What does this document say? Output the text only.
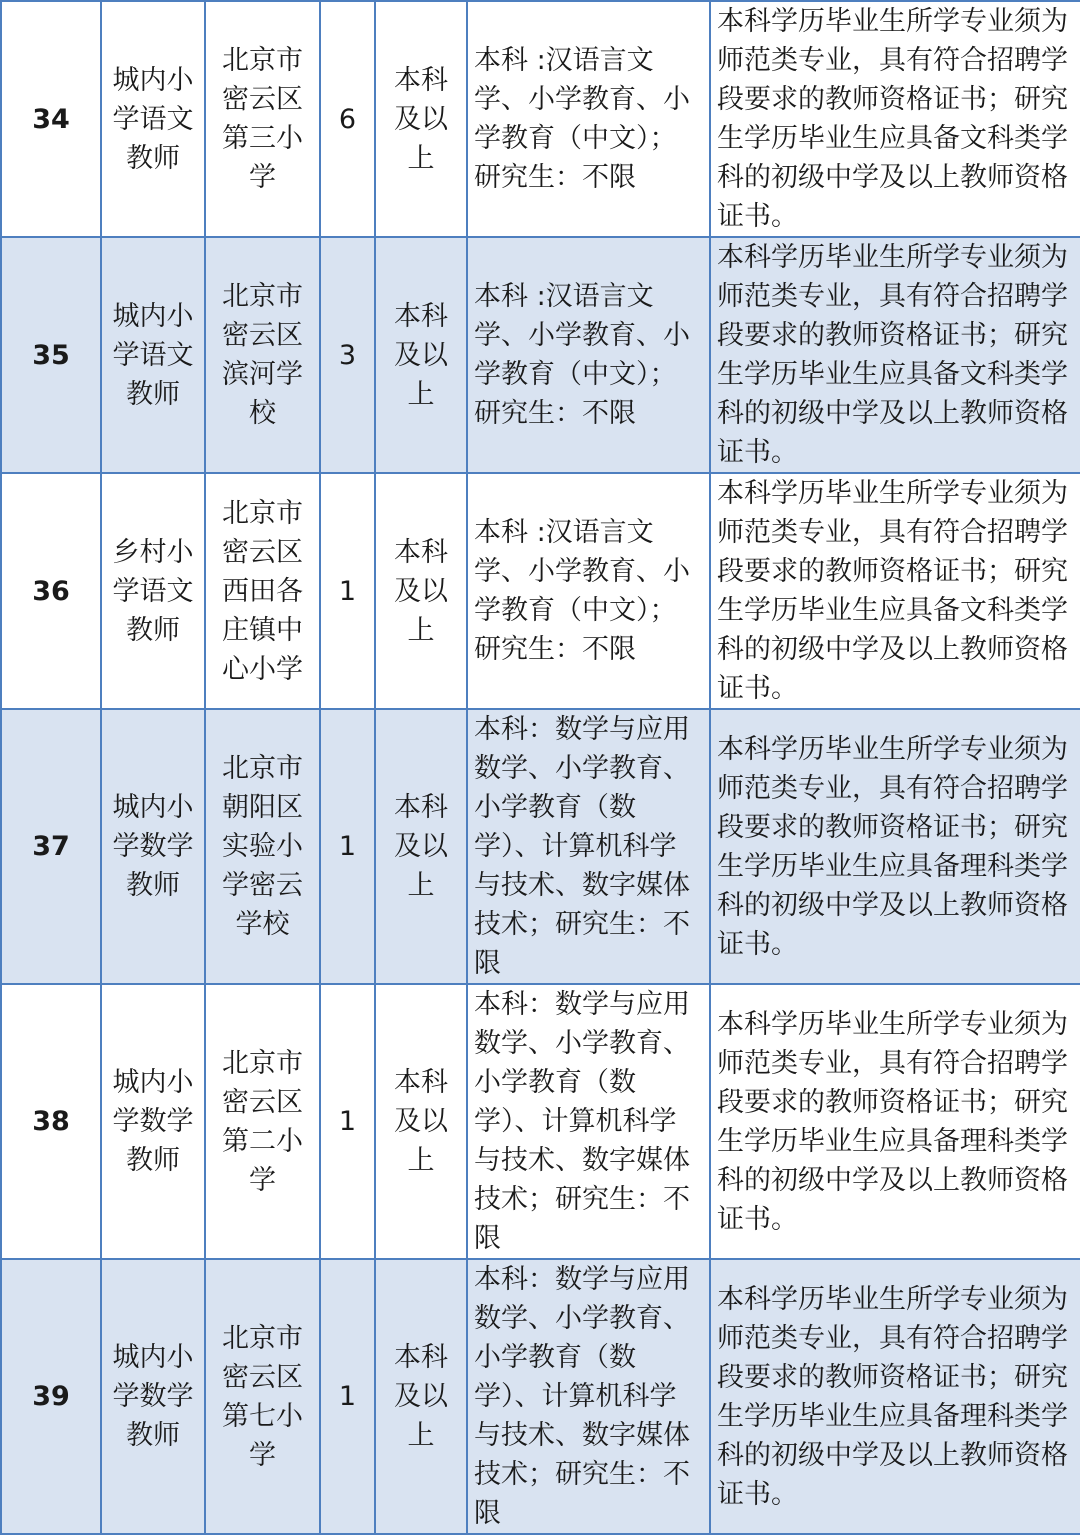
34	城内小学语文教师	北京市密云区第三小学	6	本科及以上	本科 :汉语言文学、小学教育、小学教育（中文）；研究生：不限	本科学历毕业生所学专业须为师范类专业，具有符合招聘学段要求的教师资格证书；研究生学历毕业生应具备文科类学科的初级中学及以上教师资格证书。
35	城内小学语文教师	北京市密云区滨河学校	3	本科及以上	本科 :汉语言文学、小学教育、小学教育（中文）；研究生：不限	本科学历毕业生所学专业须为师范类专业，具有符合招聘学段要求的教师资格证书；研究生学历毕业生应具备文科类学科的初级中学及以上教师资格证书。
36	乡村小学语文教师	北京市密云区西田各庄镇中心小学	1	本科及以上	本科 :汉语言文学、小学教育、小学教育（中文）；研究生：不限	本科学历毕业生所学专业须为师范类专业，具有符合招聘学段要求的教师资格证书；研究生学历毕业生应具备文科类学科的初级中学及以上教师资格证书。
37	城内小学数学教师	北京市朝阳区实验小学密云学校	1	本科及以上	本科：数学与应用数学、小学教育、小学教育（数学）、计算机科学与技术、数字媒体技术；研究生：不限	本科学历毕业生所学专业须为师范类专业，具有符合招聘学段要求的教师资格证书；研究生学历毕业生应具备理科类学科的初级中学及以上教师资格证书。
38	城内小学数学教师	北京市密云区第二小学	1	本科及以上	本科：数学与应用数学、小学教育、小学教育（数学）、计算机科学与技术、数字媒体技术；研究生：不限	本科学历毕业生所学专业须为师范类专业，具有符合招聘学段要求的教师资格证书；研究生学历毕业生应具备理科类学科的初级中学及以上教师资格证书。
39	城内小学数学教师	北京市密云区第七小学	1	本科及以上	本科：数学与应用数学、小学教育、小学教育（数学）、计算机科学与技术、数字媒体技术；研究生：不限	本科学历毕业生所学专业须为师范类专业，具有符合招聘学段要求的教师资格证书；研究生学历毕业生应具备理科类学科的初级中学及以上教师资格证书。
